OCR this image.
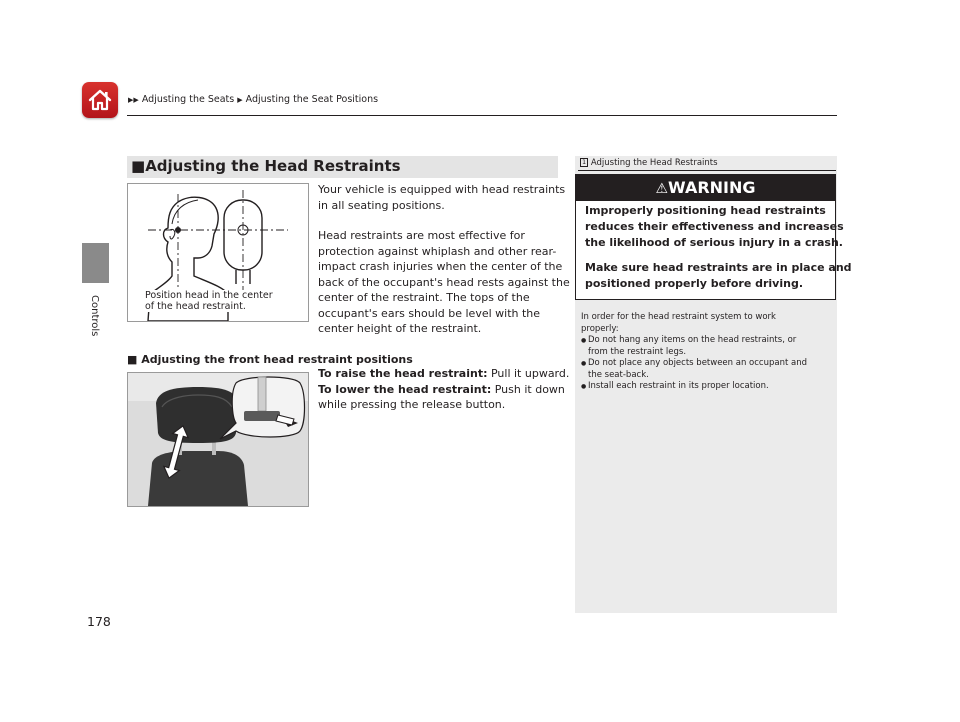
▶▶ Adjusting the Seats ▶ Adjusting the Seat Positions
Controls
178
■Adjusting the Head Restraints
Position head in the center
of the head restraint.
Your vehicle is equipped with head restraints
in all seating positions.
Head restraints are most effective for
protection against whiplash and other rear-
impact crash injuries when the center of the
back of the occupant's head rests against the
center of the restraint. The tops of the
occupant's ears should be level with the
center height of the restraint.
■ Adjusting the front head restraint positions
To raise the head restraint: Pull it upward.
To lower the head restraint: Push it down
while pressing the release button.
1 Adjusting the Head Restraints
⚠WARNING
Improperly positioning head restraints
reduces their effectiveness and increases
the likelihood of serious injury in a crash.
Make sure head restraints are in place and
positioned properly before driving.
In order for the head restraint system to work
properly:
● Do not hang any items on the head restraints, or
from the restraint legs.
● Do not place any objects between an occupant and
the seat-back.
● Install each restraint in its proper location.
